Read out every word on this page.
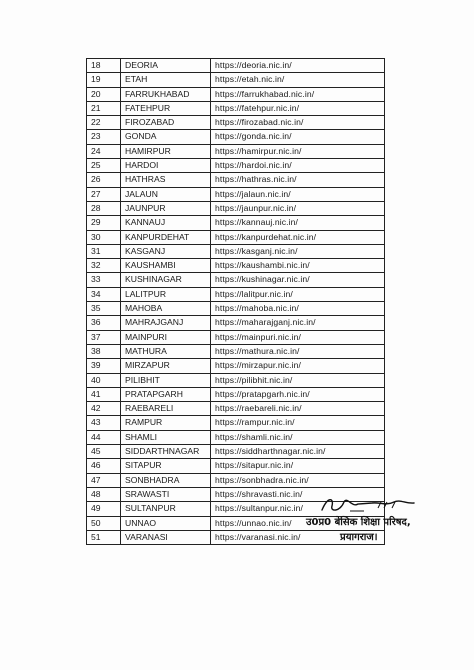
18	DEORIA	https://deoria.nic.in/
19	ETAH	https://etah.nic.in/
20	FARRUKHABAD	https://farrukhabad.nic.in/
21	FATEHPUR	https://fatehpur.nic.in/
22	FIROZABAD	https://firozabad.nic.in/
23	GONDA	https://gonda.nic.in/
24	HAMIRPUR	https://hamirpur.nic.in/
25	HARDOI	https://hardoi.nic.in/
26	HATHRAS	https://hathras.nic.in/
27	JALAUN	https://jalaun.nic.in/
28	JAUNPUR	https://jaunpur.nic.in/
29	KANNAUJ	https://kannauj.nic.in/
30	KANPURDEHAT	https://kanpurdehat.nic.in/
31	KASGANJ	https://kasganj.nic.in/
32	KAUSHAMBI	https://kaushambi.nic.in/
33	KUSHINAGAR	https://kushinagar.nic.in/
34	LALITPUR	https://lalitpur.nic.in/
35	MAHOBA	https://mahoba.nic.in/
36	MAHRAJGANJ	https://maharajganj.nic.in/
37	MAINPURI	https://mainpuri.nic.in/
38	MATHURA	https://mathura.nic.in/
39	MIRZAPUR	https://mirzapur.nic.in/
40	PILIBHIT	https://pilibhit.nic.in/
41	PRATAPGARH	https://pratapgarh.nic.in/
42	RAEBARELI	https://raebareli.nic.in/
43	RAMPUR	https://rampur.nic.in/
44	SHAMLI	https://shamli.nic.in/
45	SIDDARTHNAGAR	https://siddharthnagar.nic.in/
46	SITAPUR	https://sitapur.nic.in/
47	SONBHADRA	https://sonbhadra.nic.in/
48	SRAWASTI	https://shravasti.nic.in/
49	SULTANPUR	https://sultanpur.nic.in/
50	UNNAO	https://unnao.nic.in/
51	VARANASI	https://varanasi.nic.in/
उ0प्र0 बेसिक शिक्षा परिषद,
प्रयागराज।
